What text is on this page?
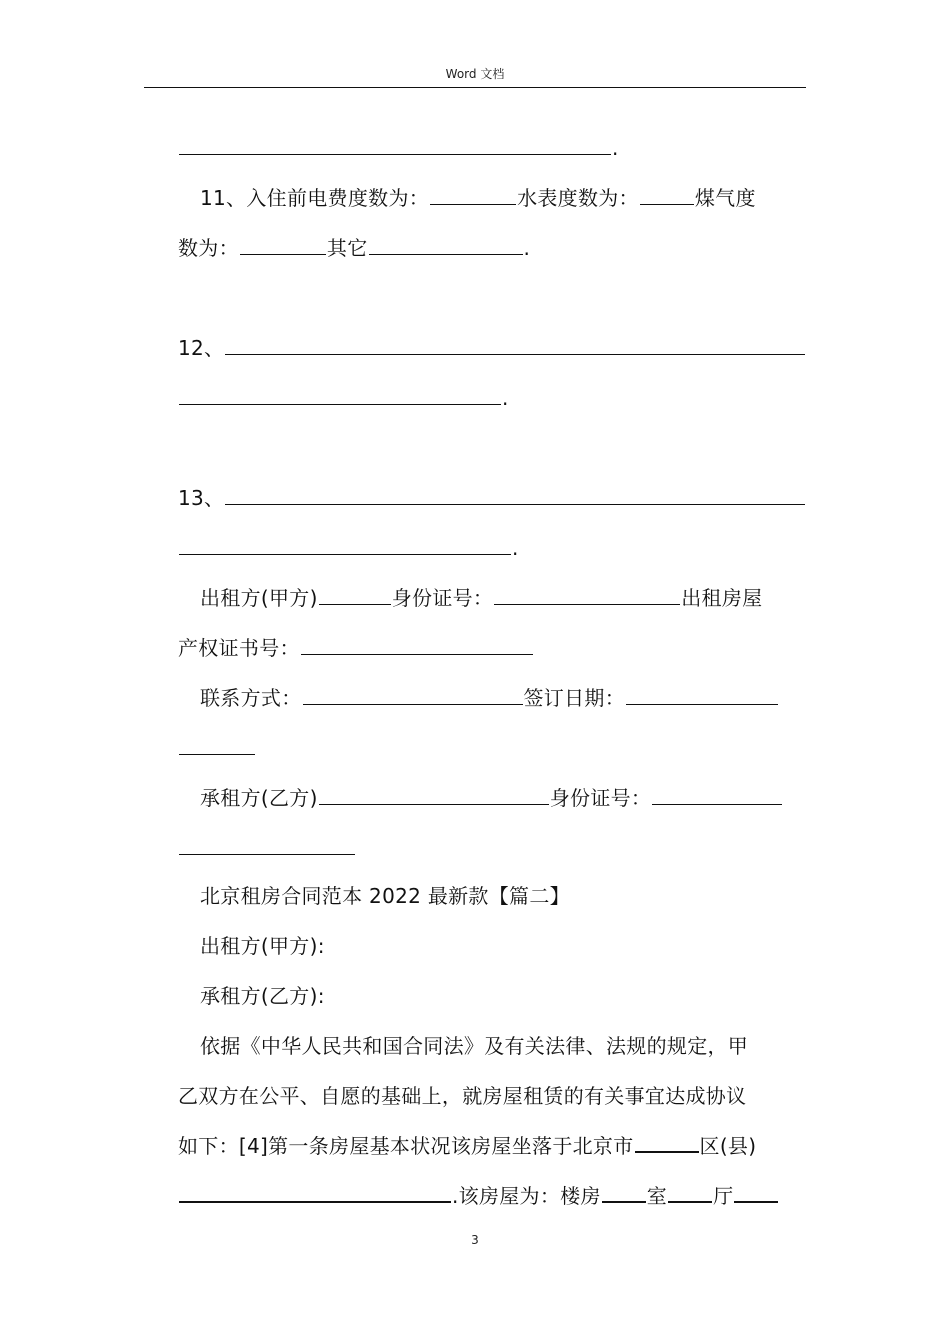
Word 文档
.
11、入住前电费度数为：	水表度数为：	煤气度
数为：	其它	.
12、
.
13、
.
出租方(甲方)	身份证号：	出租房屋
产权证书号：
联系方式：	签订日期：
承租方(乙方)	身份证号：
北京租房合同范本 2022 最新款【篇二】
出租方(甲方):
承租方(乙方):
依据《中华人民共和国合同法》及有关法律、法规的规定，甲
乙双方在公平、自愿的基础上，就房屋租赁的有关事宜达成协议
如下：[4]第一条房屋基本状况该房屋坐落于北京市	区(县)
.该房屋为：楼房 室 厅
3
